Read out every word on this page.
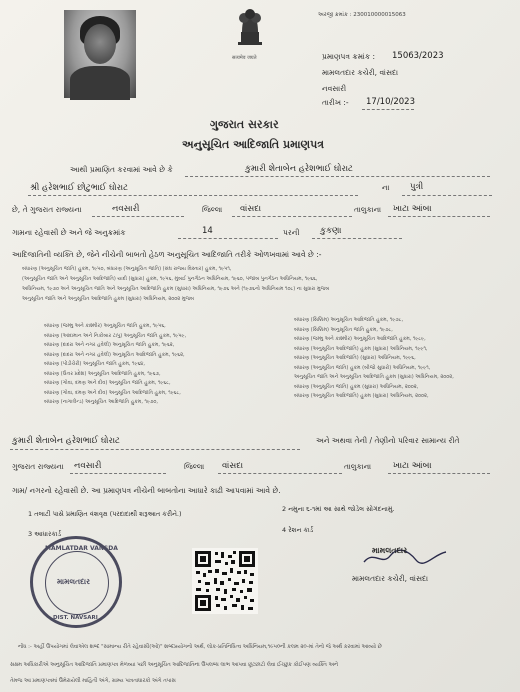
અરજી ક્રમાંક : 230010000015063
सत्यमेव जयते	પ્રમાણપત્ર ક્રમાંક : 15063/2023
મામલતદાર કચેરી, વાંસદા
નવસારી
તારીખ :- 17/10/2023
ગુજરાત સરકાર
અનુસૂચિત આદિજાતિ પ્રમાણપત્ર
આથી પ્રમાણિત કરવામાં આવે છે કે	કુમારી શેતાબેન હરેશભાઈ ઘોરાટ
શ્રી હરેશભાઈ છોટુભાઈ ઘોરાટ	ના પુત્રી
છે, તે ગુજરાત રાજ્યના	નવસારી	જિલ્લા વાંસદા	તાલુકાના ખાટા આંબા
ગામના રહેવાસી છે અને જે અનુક્રમાંક	14	પરની કુકણા
આદિજાતિની વ્યક્તિ છે, જેને નીચેની બાબતો હેઠળ અનુસૂચિત આદિજાતિ તરીકે ઓળખવામાં આવે છે :-
બંધારણ (અનુસૂચિત જાતિ) હુકમ, ૧૯૫૦, બંધારણ (અનુસૂચિત જાતિ) (સંઘ રાજ્ય વિસ્તાર) હુકમ, ૧૯૫૧,
(અનુસૂચિત જાતિ અને અનુસૂચિત આદિજાતિ) યાદી (સુધારા) હુકમ, ૧૯૫૬, મુંબઈ પુનર્ગઠન અધિનિયમ, ૧૯૬૦, પંજાબ પુનર્ગઠન અધિનિયમ, ૧૯૬૬,
અધિનિયમ, ૧૯૭૦ અને અનુસૂચિત જાતિ અને અનુસૂચિત આદિજાતિ હુકમ (સુધારા) અધિનિયમ, ૧૯૭૬ અને (૧૯૭૬નો અધિનિયમ ૧૦૮) ના સુધારા મુજબ
અનુસૂચિત જાતિ અને અનુસૂચિત આદિજાતિ હુકમ (સુધારા) અધિનિયમ, ૨૦૦૨ મુજબ
બંધારણ (જમ્મુ અને કાશ્મીર) અનુસૂચિત જાતિ હુકમ, ૧૯૫૬,
બંધારણ (આંદામાન અને નિકોબાર ટાપુ) અનુસૂચિત જાતિ હુકમ, ૧૯૫૯,
બંધારણ (દાદરા અને નગર હવેલી) અનુસૂચિત જાતિ હુકમ, ૧૯૬૨,
બંધારણ (દાદરા અને નગર હવેલી) અનુસૂચિત આદિજાતિ હુકમ, ૧૯૬૨,
બંધારણ (પોંડીચેરી) અનુસૂચિત જાતિ હુકમ, ૧૯૬૪,
બંધારણ (ઉત્તર પ્રદેશ) અનુસૂચિત આદિજાતિ હુકમ, ૧૯૬૭,
બંધારણ (ગોવા, દમણ અને દીવ) અનુસૂચિત જાતિ હુકમ, ૧૯૬૮,
બંધારણ (ગોવા, દમણ અને દીવ) અનુસૂચિત આદિજાતિ હુકમ, ૧૯૬૮,
બંધારણ (નાગાલેન્ડ) અનુસૂચિત આદિજાતિ હુકમ, ૧૯૭૦,
બંધારણ (સિક્કિમ) અનુસૂચિત આદિજાતિ હુકમ, ૧૯૭૮,
બંધારણ (સિક્કિમ) અનુસૂચિત જાતિ હુકમ, ૧૯૭૮,
બંધારણ (જમ્મુ અને કાશ્મીર) અનુસૂચિત આદિજાતિ હુકમ, ૧૯૮૯,
બંધારણ (અનુસૂચિત આદિજાતિ) હુકમ (સુધારા) અધિનિયમ, ૧૯૯૧,
બંધારણ (અનુસૂચિત આદિજાતિ) (સુધારા) અધિનિયમ, ૧૯૯૬,
બંધારણ (અનુસૂચિત જાતિ) હુકમ (બીજો સુધારો) અધિનિયમ, ૧૯૯૧,
અનુસૂચિત જાતિ અને અનુસૂચિત આદિજાતિ હુકમ (સુધારા) અધિનિયમ, ૨૦૦૨,
બંધારણ (અનુસૂચિત જાતિ) હુકમ (સુધારા) અધિનિયમ, ૨૦૦૨,
બંધારણ (અનુસૂચિત આદિજાતિ) હુકમ (સુધારા) અધિનિયમ, ૨૦૦૨,
કુમારી શેતાબેન હરેશભાઈ ઘોરાટ	અને અથવા તેની / તેણીનો પરિવાર સામાન્ય રીતે
ગુજરાત રાજ્યના નવસારી	જિલ્લા વાંસદા	તાલુકાના	ખાટા આંબા
ગામ/ નગરનો રહેવાસી છે. આ પ્રમાણપત્ર નીચેની બાબતોના આધારે કાઢી આપવામાં આવે છે.
1 તલાટી પાસે પ્રમાણિત વંશવૃક્ષ (પરદાદાથી શરૂઆત કરીને.)
2 નમુના ૬-૧માં આ સાથે જોડેલ સોગંદનામું.
3 આધારકાર્ડ	4 રેશન કાર્ડ
MAMLATDAR VANSDA
મામલતદાર
DIST. NAVSARI
મામલતદાર
મામલતદાર કચેરી, વાંસદા
નોંધ :- અહીં ઉપયોગમાં લેવાએલ શબ્દ "સામાન્ય રીતે રહેવાસી(ઓ)" શબ્દપ્રયોગનો અર્થ, લોક-પ્રતિનિધિત્વ અધિનિયમ,૧૯૫૦ની કલમ ૨૦-માં તેનો જે અર્થ કરવામાં આવ્યો છે
સક્ષમ અધિકારીએ અનુસૂચિત આદિજાતિ પ્રમાણપત્ર મેળવ્યા પછી અનુસૂચિત આદિજાતિના ઉપલબ્ધ લાભ આપવા છૂટછાટો લેવા ઈચ્છુક કોઈપણ વ્યક્તિ અને
તેમજ આ પ્રમાણપત્રમાં ઉમેરાયેલી માહિતી અંગે, ગ્રામ્ય પાત્રતાધારકો અંગે તપાસ
